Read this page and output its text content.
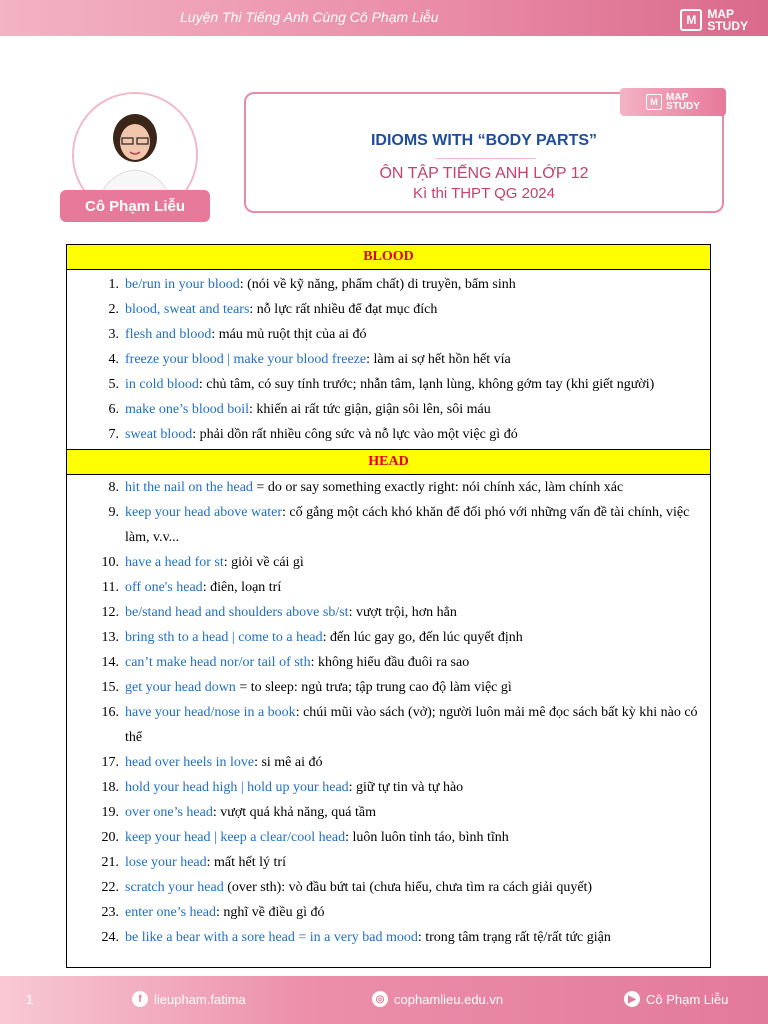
Luyện Thi Tiếng Anh Cùng Cô Phạm Liễu	M MAP
STUDY
Cô Phạm Liễu
IDIOMS WITH “BODY PARTS”
ÔN TẬP TIẾNG ANH LỚP 12
Kì thi THPT QG 2024
M MAP
STUDY
BLOOD
1. be/run in your blood: (nói về kỹ năng, phẩm chất) di truyền, bẩm sinh
2. blood, sweat and tears: nỗ lực rất nhiều để đạt mục đích
3. flesh and blood: máu mủ ruột thịt của ai đó
4. freeze your blood | make your blood freeze: làm ai sợ hết hồn hết vía
5. in cold blood: chủ tâm, có suy tính trước; nhẫn tâm, lạnh lùng, không gớm tay (khi giết người)
6. make one’s blood boil: khiến ai rất tức giận, giận sôi lên, sôi máu
7. sweat blood: phải dồn rất nhiều công sức và nỗ lực vào một việc gì đó
HEAD
8. hit the nail on the head = do or say something exactly right: nói chính xác, làm chính xác
9. keep your head above water: cố gắng một cách khó khăn để đối phó với những vấn đề tài chính, việc làm, v.v...
10. have a head for st: giỏi về cái gì
11. off one's head: điên, loạn trí
12. be/stand head and shoulders above sb/st: vượt trội, hơn hẳn
13. bring sth to a head | come to a head: đến lúc gay go, đến lúc quyết định
14. can’t make head nor/or tail of sth: không hiểu đầu đuôi ra sao
15. get your head down = to sleep: ngủ trưa; tập trung cao độ làm việc gì
16. have your head/nose in a book: chúi mũi vào sách (vở); người luôn mải mê đọc sách bất kỳ khi nào có thể
17. head over heels in love: si mê ai đó
18. hold your head high | hold up your head: giữ tự tin và tự hào
19. over one’s head: vượt quá khả năng, quá tầm
20. keep your head | keep a clear/cool head: luôn luôn tỉnh táo, bình tĩnh
21. lose your head: mất hết lý trí
22. scratch your head (over sth): vò đầu bứt tai (chưa hiểu, chưa tìm ra cách giải quyết)
23. enter one’s head: nghĩ về điều gì đó
24. be like a bear with a sore head = in a very bad mood: trong tâm trạng rất tệ/rất tức giận
1	f lieupham.fatima	◎ cophamlieu.edu.vn	▶ Cô Phạm Liễu
